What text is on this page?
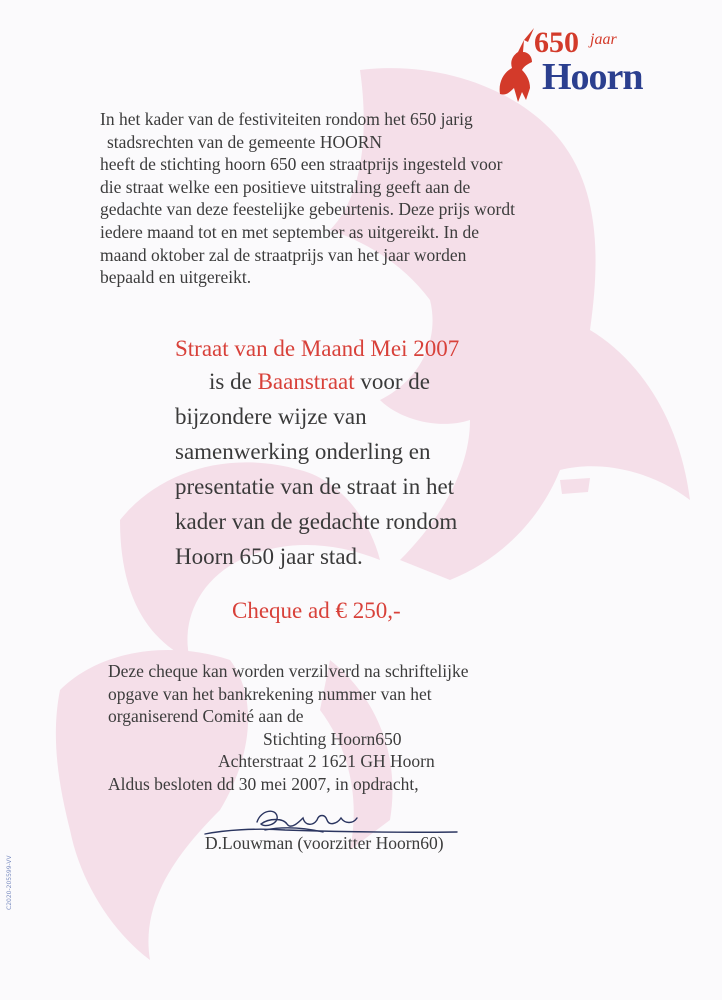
650 jaar
Hoorn
In het kader van de festiviteiten rondom het 650 jarig
stadsrechten van de gemeente HOORN
heeft de stichting hoorn 650 een straatprijs ingesteld voor
die straat welke een positieve uitstraling geeft aan de
gedachte van deze feestelijke gebeurtenis. Deze prijs wordt
iedere maand tot en met september as uitgereikt. In de
maand oktober zal de straatprijs van het jaar worden
bepaald en uitgereikt.
Straat van de Maand Mei 2007
is de Baanstraat voor de
bijzondere wijze van
samenwerking onderling en
presentatie van de straat in het
kader van de gedachte rondom
Hoorn 650 jaar stad.
Cheque ad € 250,-
Deze cheque kan worden verzilverd na schriftelijke
opgave van het bankrekening nummer van het
organiserend Comité aan de
Stichting Hoorn650
Achterstraat 2 1621 GH Hoorn
Aldus besloten dd 30 mei 2007, in opdracht,
D.Louwman (voorzitter Hoorn60)
C2020-205599-VV
